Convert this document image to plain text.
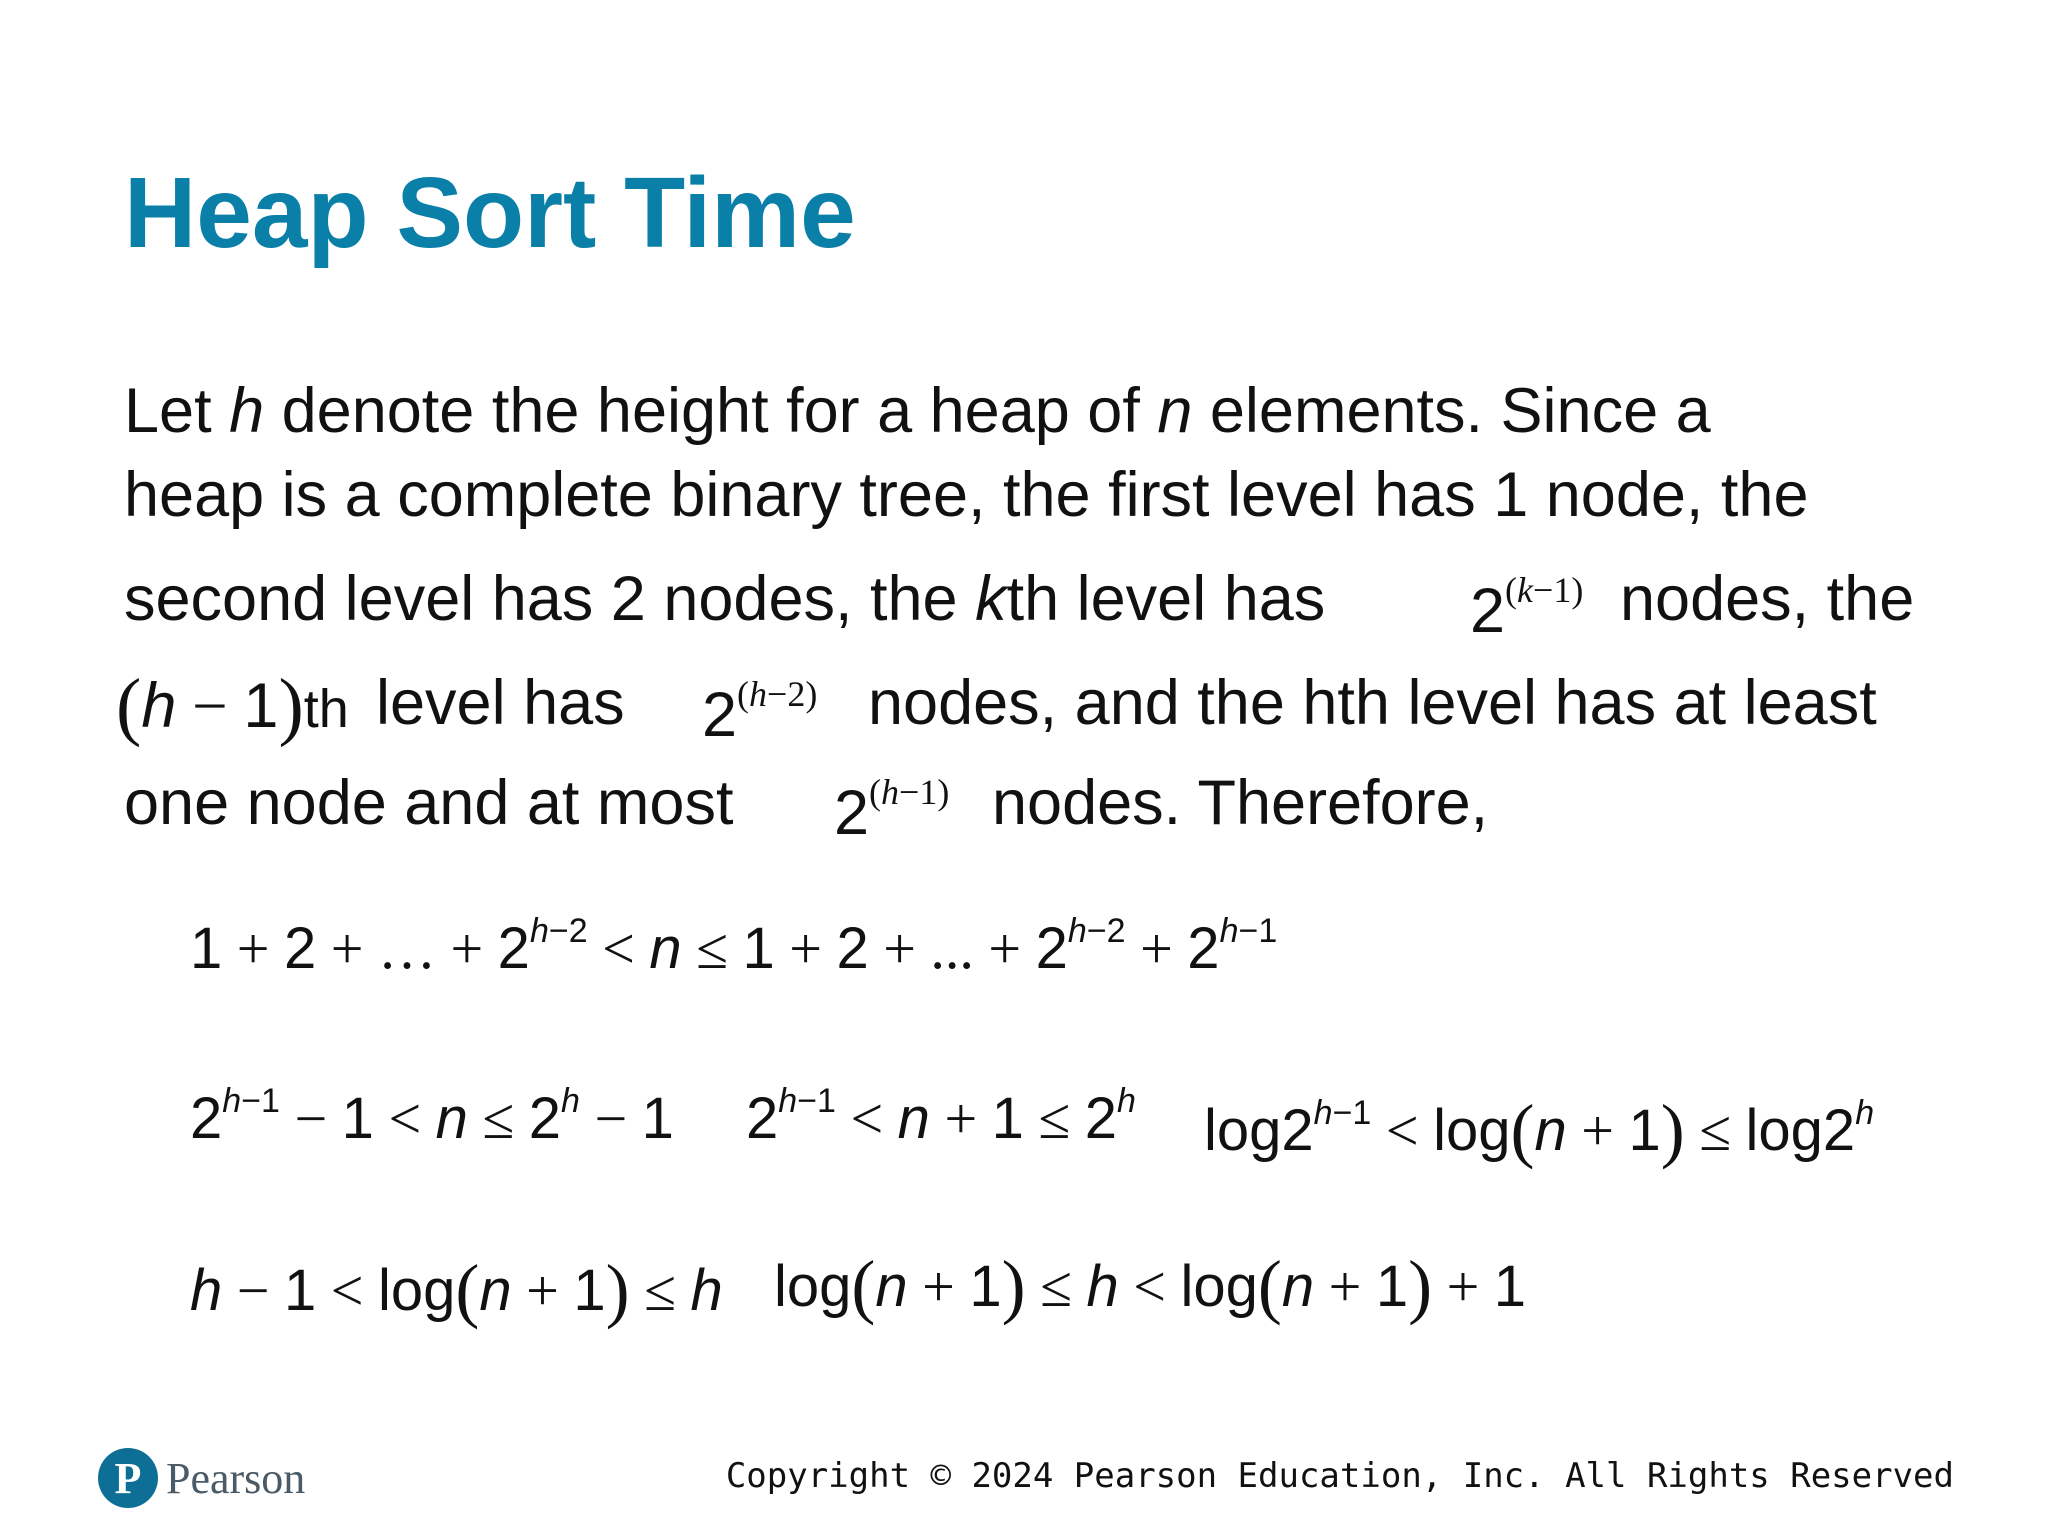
Heap Sort Time
Let h denote the height for a heap of n elements. Since a
heap is a complete binary tree, the first level has 1 node, the
second level has 2 nodes, the kth level has $2^{(k-1)}$ nodes, the
(h − 1)th level has $2^{(h-2)}$ nodes, and the hth level has at least
one node and at most $2^{(h-1)}$ nodes. Therefore,
1 + 2 + … + $2^{h-2} < n \le 1 + 2$ + ... + $2^{h-2} + 2^{h-1}$
$2^{h-1} - 1 < n \le 2^h - 1$ $2^{h-1} < n + 1 \le 2^h$ $\log 2^{h-1} < \log(n + 1) \le \log 2^h$
h − 1 < log(n + 1) ≤ h log(n + 1) ≤ h < log(n + 1) + 1
P Pearson	Copyright © 2024 Pearson Education, Inc. All Rights Reserved
